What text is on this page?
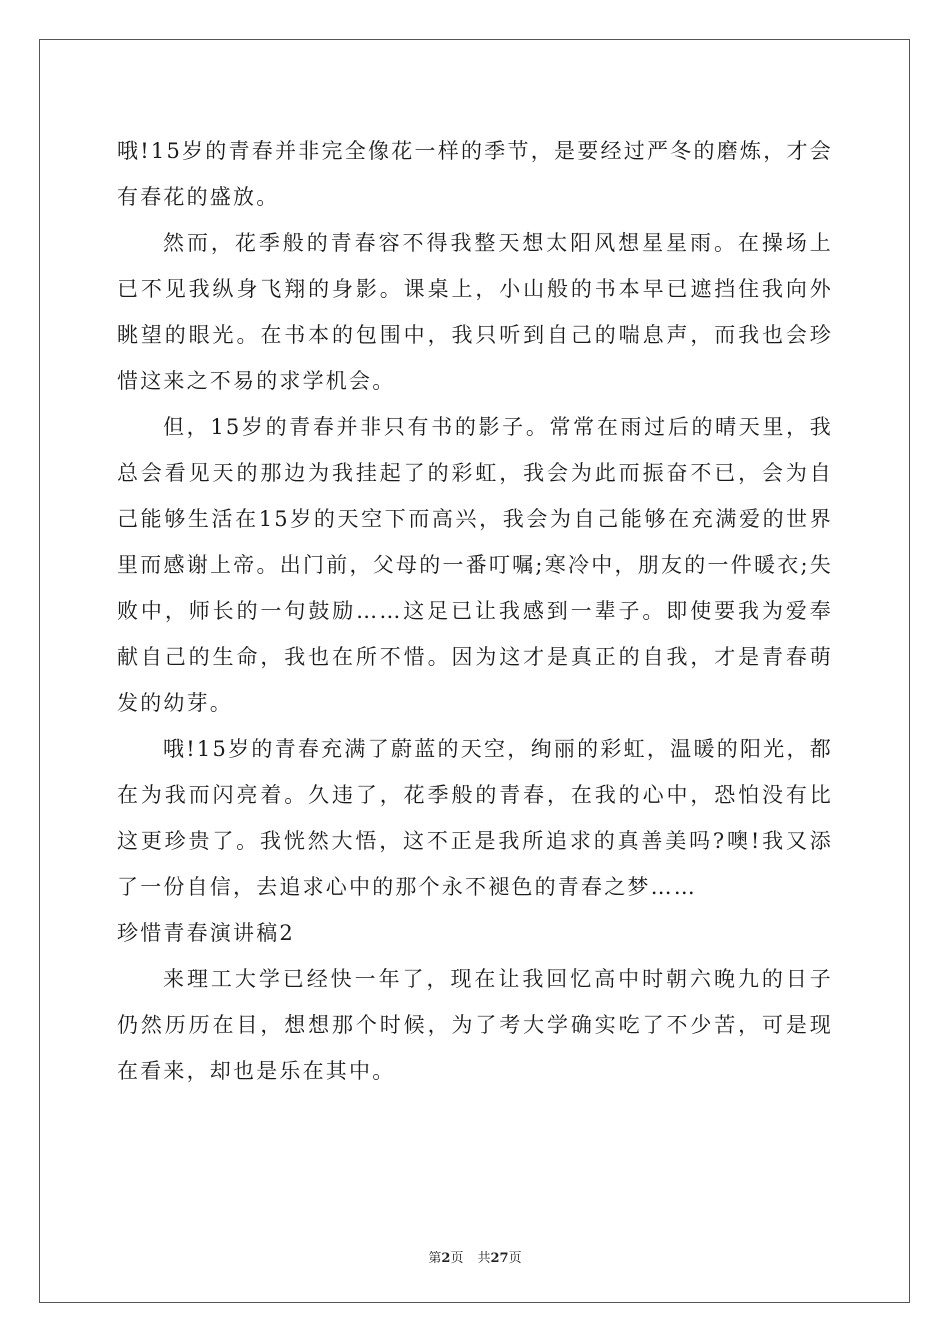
哦!15岁的青春并非完全像花一样的季节，是要经过严冬的磨炼，才会有春花的盛放。

然而，花季般的青春容不得我整天想太阳风想星星雨。在操场上已不见我纵身飞翔的身影。课桌上，小山般的书本早已遮挡住我向外眺望的眼光。在书本的包围中，我只听到自己的喘息声，而我也会珍惜这来之不易的求学机会。

但，15岁的青春并非只有书的影子。常常在雨过后的晴天里，我总会看见天的那边为我挂起了的彩虹，我会为此而振奋不已，会为自己能够生活在15岁的天空下而高兴，我会为自己能够在充满爱的世界里而感谢上帝。出门前，父母的一番叮嘱;寒冷中，朋友的一件暖衣;失败中，师长的一句鼓励……这足已让我感到一辈子。即使要我为爱奉献自己的生命，我也在所不惜。因为这才是真正的自我，才是青春萌发的幼芽。

哦!15岁的青春充满了蔚蓝的天空，绚丽的彩虹，温暖的阳光，都在为我而闪亮着。久违了，花季般的青春，在我的心中，恐怕没有比这更珍贵了。我恍然大悟，这不正是我所追求的真善美吗?噢!我又添了一份自信，去追求心中的那个永不褪色的青春之梦……

珍惜青春演讲稿2

来理工大学已经快一年了，现在让我回忆高中时朝六晚九的日子仍然历历在目，想想那个时候，为了考大学确实吃了不少苦，可是现在看来，却也是乐在其中。

第2页 共27页
